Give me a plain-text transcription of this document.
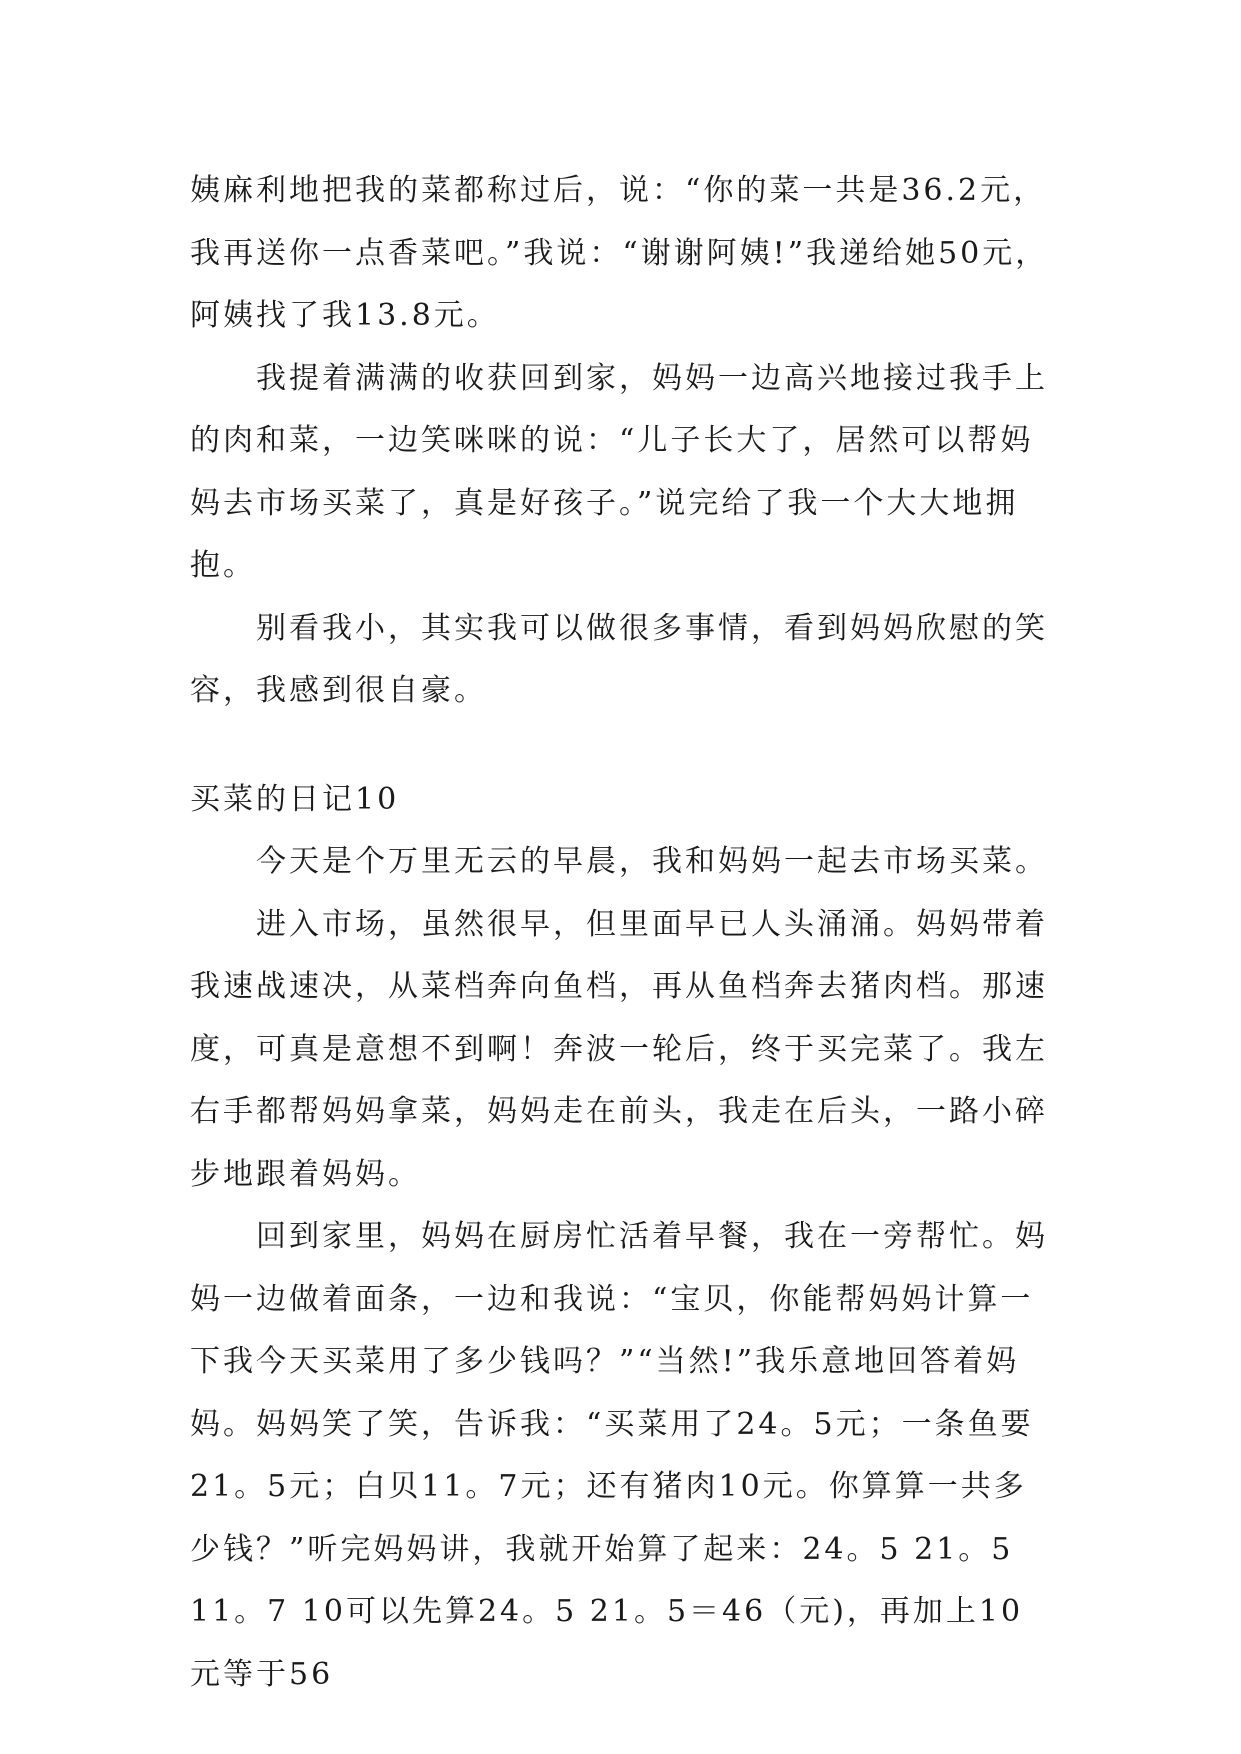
姨麻利地把我的菜都称过后，说：“你的菜一共是36.2元，我再送你一点香菜吧。”我说：“谢谢阿姨!”我递给她50元，阿姨找了我13.8元。

我提着满满的收获回到家，妈妈一边高兴地接过我手上的肉和菜，一边笑咪咪的说：“儿子长大了，居然可以帮妈妈去市场买菜了，真是好孩子。”说完给了我一个大大地拥抱。

别看我小，其实我可以做很多事情，看到妈妈欣慰的笑容，我感到很自豪。

买菜的日记10

今天是个万里无云的早晨，我和妈妈一起去市场买菜。

进入市场，虽然很早，但里面早已人头涌涌。妈妈带着我速战速决，从菜档奔向鱼档，再从鱼档奔去猪肉档。那速度，可真是意想不到啊！奔波一轮后，终于买完菜了。我左右手都帮妈妈拿菜，妈妈走在前头，我走在后头，一路小碎步地跟着妈妈。

回到家里，妈妈在厨房忙活着早餐，我在一旁帮忙。妈妈一边做着面条，一边和我说：“宝贝，你能帮妈妈计算一下我今天买菜用了多少钱吗？”“当然!”我乐意地回答着妈妈。妈妈笑了笑，告诉我：“买菜用了24。5元；一条鱼要21。5元；白贝11。7元；还有猪肉10元。你算算一共多少钱？”听完妈妈讲，我就开始算了起来：24。5 21。5 11。7 10可以先算24。5 21。5＝46（元)，再加上10元等于56
